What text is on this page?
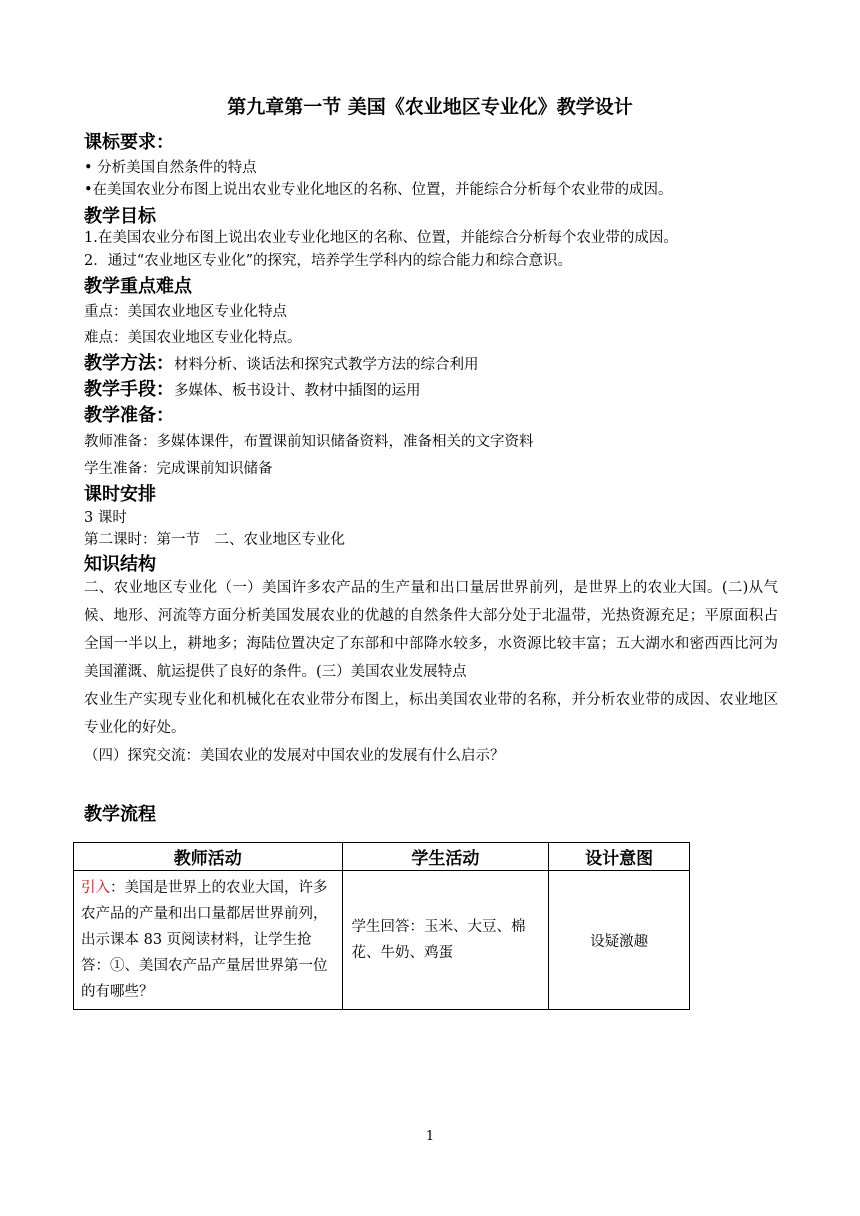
第九章第一节 美国《农业地区专业化》教学设计
课标要求：
• 分析美国自然条件的特点
•在美国农业分布图上说出农业专业化地区的名称、位置，并能综合分析每个农业带的成因。
教学目标
1.在美国农业分布图上说出农业专业化地区的名称、位置，并能综合分析每个农业带的成因。
2．通过“农业地区专业化”的探究，培养学生学科内的综合能力和综合意识。
教学重点难点
重点：美国农业地区专业化特点
难点：美国农业地区专业化特点。
教学方法：材料分析、谈话法和探究式教学方法的综合利用
教学手段：多媒体、板书设计、教材中插图的运用
教学准备：
教师准备：多媒体课件，布置课前知识储备资料，准备相关的文字资料
学生准备：完成课前知识储备
课时安排
3 课时
第二课时：第一节　二、农业地区专业化
知识结构
二、农业地区专业化（一）美国许多农产品的生产量和出口量居世界前列，是世界上的农业大国。(二)从气候、地形、河流等方面分析美国发展农业的优越的自然条件大部分处于北温带，光热资源充足；平原面积占全国一半以上，耕地多；海陆位置决定了东部和中部降水较多，水资源比较丰富；五大湖水和密西西比河为美国灌溉、航运提供了良好的条件。(三）美国农业发展特点
农业生产实现专业化和机械化在农业带分布图上，标出美国农业带的名称，并分析农业带的成因、农业地区专业化的好处。
（四）探究交流：美国农业的发展对中国农业的发展有什么启示？
教学流程
教师活动	学生活动	设计意图
引入：美国是世界上的农业大国，许多农产品的产量和出口量都居世界前列，出示课本 83 页阅读材料，让学生抢答：①、美国农产品产量居世界第一位的有哪些？	学生回答：玉米、大豆、棉花、牛奶、鸡蛋	设疑激趣
1
